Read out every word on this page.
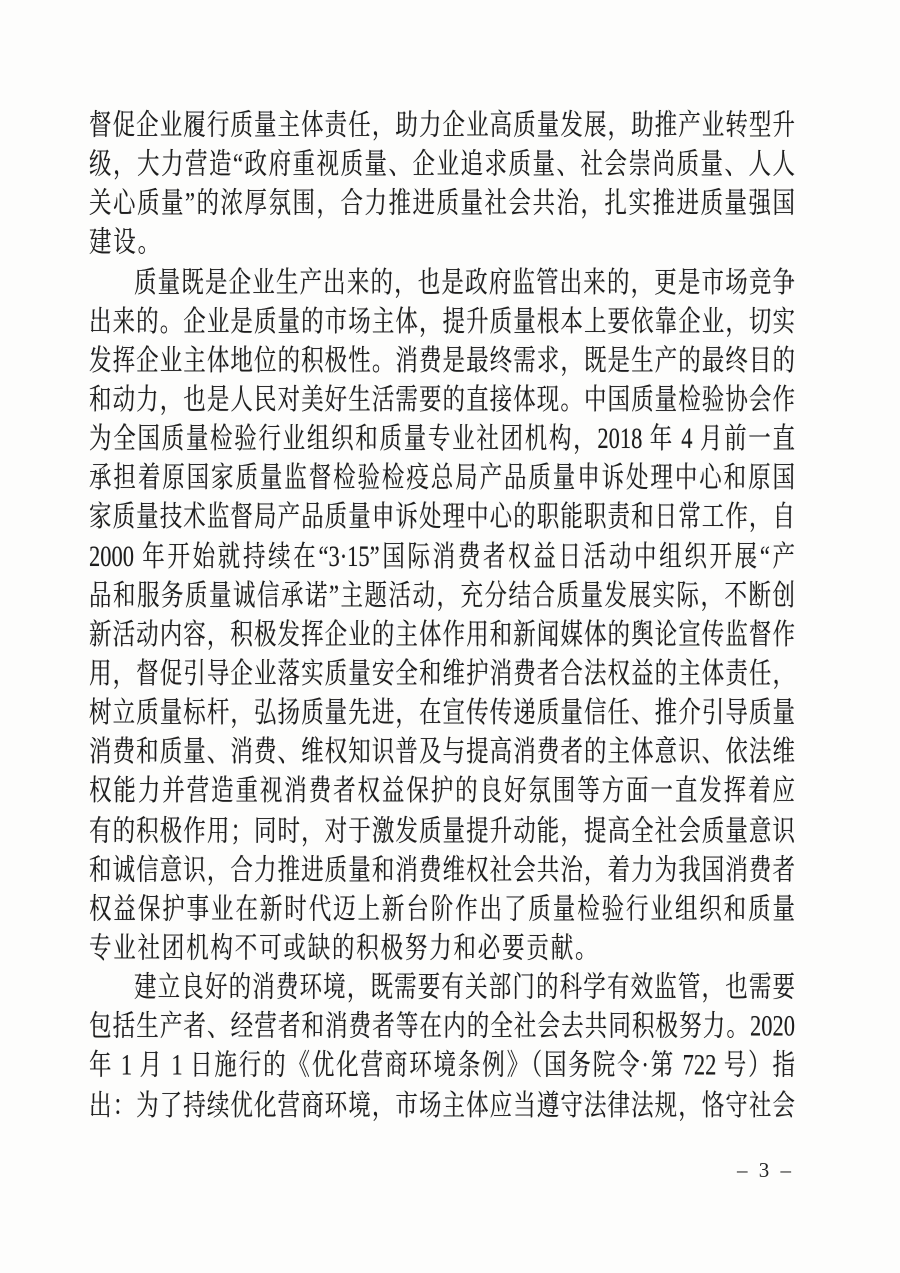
督促企业履行质量主体责任，助力企业高质量发展，助推产业转型升
级，大力营造“政府重视质量、企业追求质量、社会崇尚质量、人人
关心质量”的浓厚氛围，合力推进质量社会共治，扎实推进质量强国
建设。
质量既是企业生产出来的，也是政府监管出来的，更是市场竞争
出来的。企业是质量的市场主体，提升质量根本上要依靠企业，切实
发挥企业主体地位的积极性。消费是最终需求，既是生产的最终目的
和动力，也是人民对美好生活需要的直接体现。中国质量检验协会作
为全国质量检验行业组织和质量专业社团机构，2018 年 4 月前一直
承担着原国家质量监督检验检疫总局产品质量申诉处理中心和原国
家质量技术监督局产品质量申诉处理中心的职能职责和日常工作，自
2000 年开始就持续在“3·15”国际消费者权益日活动中组织开展“产
品和服务质量诚信承诺”主题活动，充分结合质量发展实际，不断创
新活动内容，积极发挥企业的主体作用和新闻媒体的舆论宣传监督作
用，督促引导企业落实质量安全和维护消费者合法权益的主体责任，
树立质量标杆，弘扬质量先进，在宣传传递质量信任、推介引导质量
消费和质量、消费、维权知识普及与提高消费者的主体意识、依法维
权能力并营造重视消费者权益保护的良好氛围等方面一直发挥着应
有的积极作用；同时，对于激发质量提升动能，提高全社会质量意识
和诚信意识，合力推进质量和消费维权社会共治，着力为我国消费者
权益保护事业在新时代迈上新台阶作出了质量检验行业组织和质量
专业社团机构不可或缺的积极努力和必要贡献。
建立良好的消费环境，既需要有关部门的科学有效监管，也需要
包括生产者、经营者和消费者等在内的全社会去共同积极努力。2020
年 1 月 1 日施行的《优化营商环境条例》（国务院令·第 722 号）指
出：为了持续优化营商环境，市场主体应当遵守法律法规，恪守社会
– 3 –
